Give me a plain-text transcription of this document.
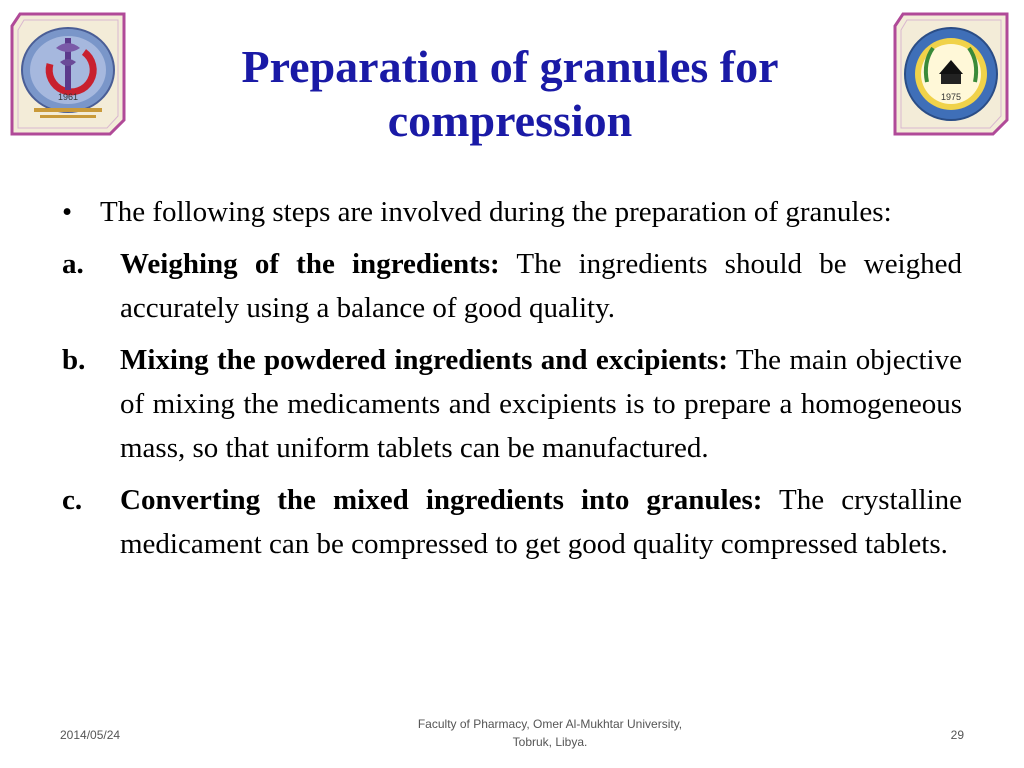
1961	1975
Preparation of granules for
compression
• The following steps are involved during the preparation of granules:
a.	Weighing of the ingredients: The ingredients should be weighed accurately using a balance of good quality.
b.	Mixing the powdered ingredients and excipients: The main objective of mixing the medicaments and excipients is to prepare a homogeneous mass, so that uniform tablets can be manufactured.
c.	Converting the mixed ingredients into granules: The crystalline medicament can be compressed to get good quality compressed tablets.
2014/05/24
Faculty of Pharmacy, Omer Al-Mukhtar University,
Tobruk, Libya.	29
